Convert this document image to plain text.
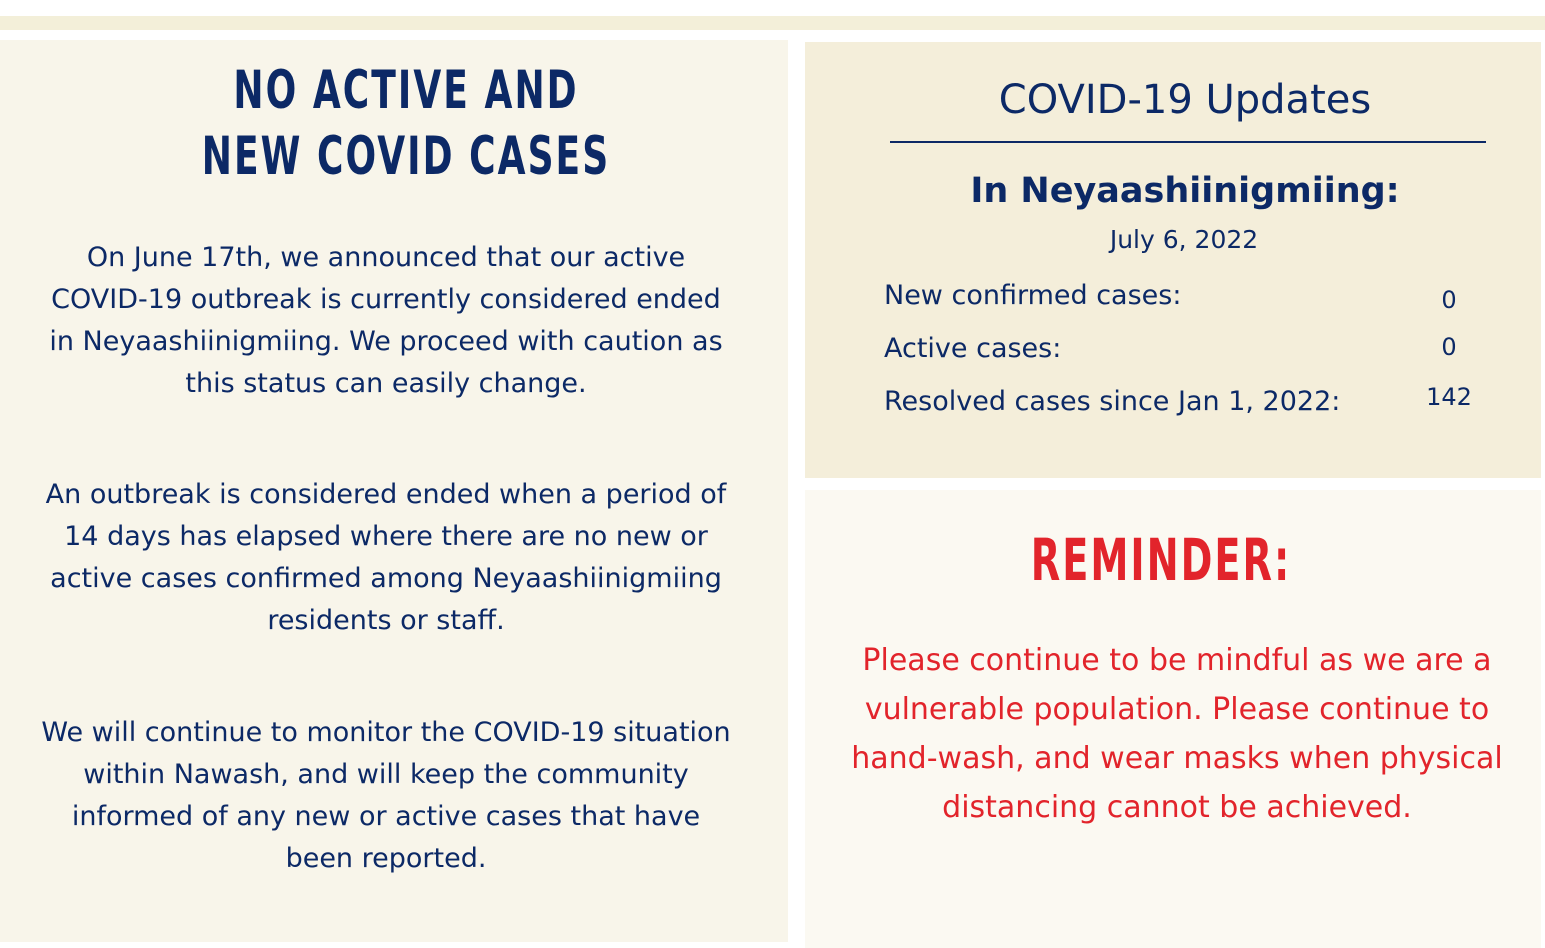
NO ACTIVE AND
NEW COVID CASES

On June 17th, we announced that our active COVID-19 outbreak is currently considered ended in Neyaashiinigmiing. We proceed with caution as this status can easily change.

An outbreak is considered ended when a period of 14 days has elapsed where there are no new or active cases confirmed among Neyaashiinigmiing residents or staff.

We will continue to monitor the COVID-19 situation within Nawash, and will keep the community informed of any new or active cases that have been reported.

COVID-19 Updates
In Neyaashiinigmiing:
July 6, 2022
New confirmed cases:	0
Active cases:	0
Resolved cases since Jan 1, 2022:	142
REMINDER:

Please continue to be mindful as we are a vulnerable population. Please continue to hand-wash, and wear masks when physical distancing cannot be achieved.
